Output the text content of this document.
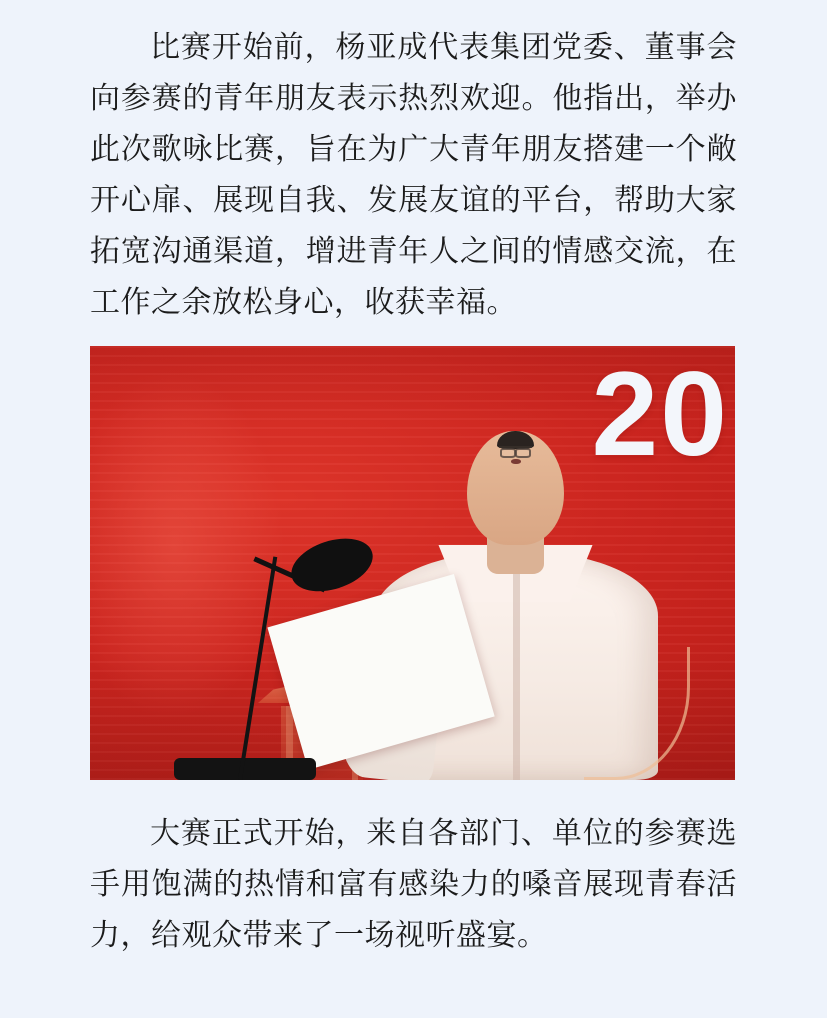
比赛开始前，杨亚成代表集团党委、董事会向参赛的青年朋友表示热烈欢迎。他指出，举办此次歌咏比赛，旨在为广大青年朋友搭建一个敞开心扉、展现自我、发展友谊的平台，帮助大家拓宽沟通渠道，增进青年人之间的情感交流，在工作之余放松身心，收获幸福。

20

大赛正式开始，来自各部门、单位的参赛选手用饱满的热情和富有感染力的嗓音展现青春活力，给观众带来了一场视听盛宴。
